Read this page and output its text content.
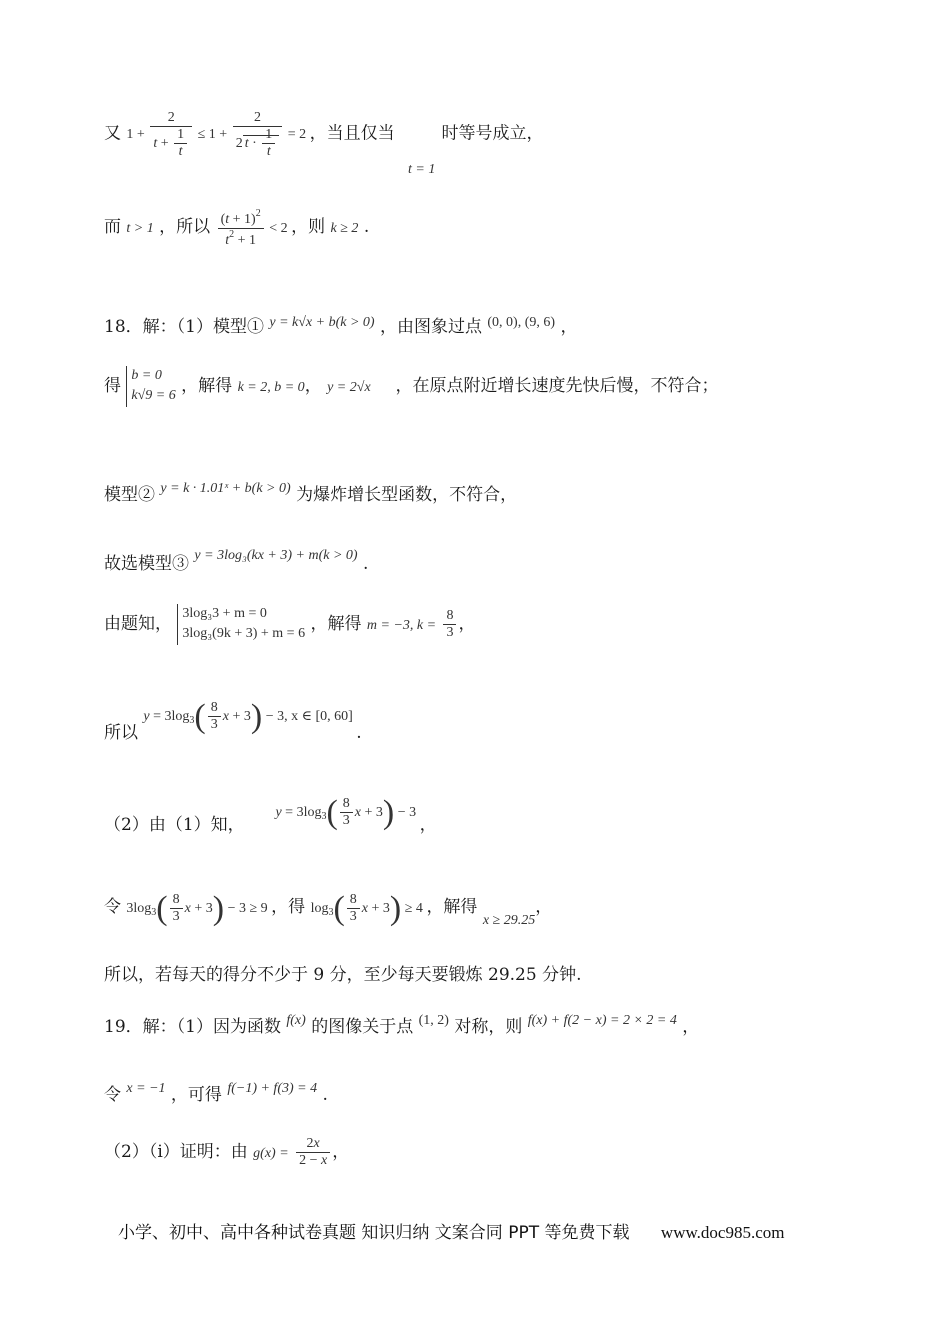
又 $1 + \frac{2}{t + \frac{1}{t}} \le 1 + \frac{2}{2 t \cdot \frac{1}{t}} = 2$ ，当且仅当	时等号成立，
t = 1
而 t > 1 ，所以 $\frac{(t + 1)^2}{t^2 + 1} < 2$ ，则 k ≥ 2 .
18．解：（1）模型① $^{y = k√x + b(k > 0)}$ ，由图象过点 $^{(0, 0), (9, 6)}$ ，
得 b = 0
k√9 = 6 ，解得 k = 2, b = 0， y = 2√x ，在原点附近增长速度先快后慢，不符合；
模型② $^{y = k \cdot 1.01ˣ + b(k > 0)}$ 为爆炸增长型函数，不符合，
故选模型③ $^{y = 3log_3(kx + 3) + m(k > 0)}$ .
由题知， 3log₃3 + m = 0
3log₃(9k + 3) + m = 6 ，解得 m = −3, $k = \frac{8}{3}$ ，
所以 $y = 3\log_3( \frac{8}{3}$ x + 3) − 3, x ∈ [0, 60] .
（2）由（1）知，  $y = 3\log_3( \frac{8}{3}$ x + 3) − 3 ，
令 $3\log_3( \frac{8}{3}$ x + 3) − 3 ≥ 9 ，得 $\log_3( \frac{8}{3}$ x + 3) ≥ 4 ，解得 $_{x \ge 29.25}$，
所以，若每天的得分不少于 9 分，至少每天要锻炼 29.25 分钟.
19．解：（1）因为函数 $^{f(x)}$ 的图像关于点 $^{(1, 2)}$ 对称，则 $^{f(x) + f(2 - x) = 2 \times 2 = 4}$ ，
令 $^{x = -1}$ ，可得 $^{f(-1) + f(3) = 4}$ .
（2）（ⅰ）证明：由 $g(x) = \frac{2x}{2 - x}$ ，
小学、初中、高中各种试卷真题 知识归纳 文案合同 PPT 等免费下载 www.doc985.com
